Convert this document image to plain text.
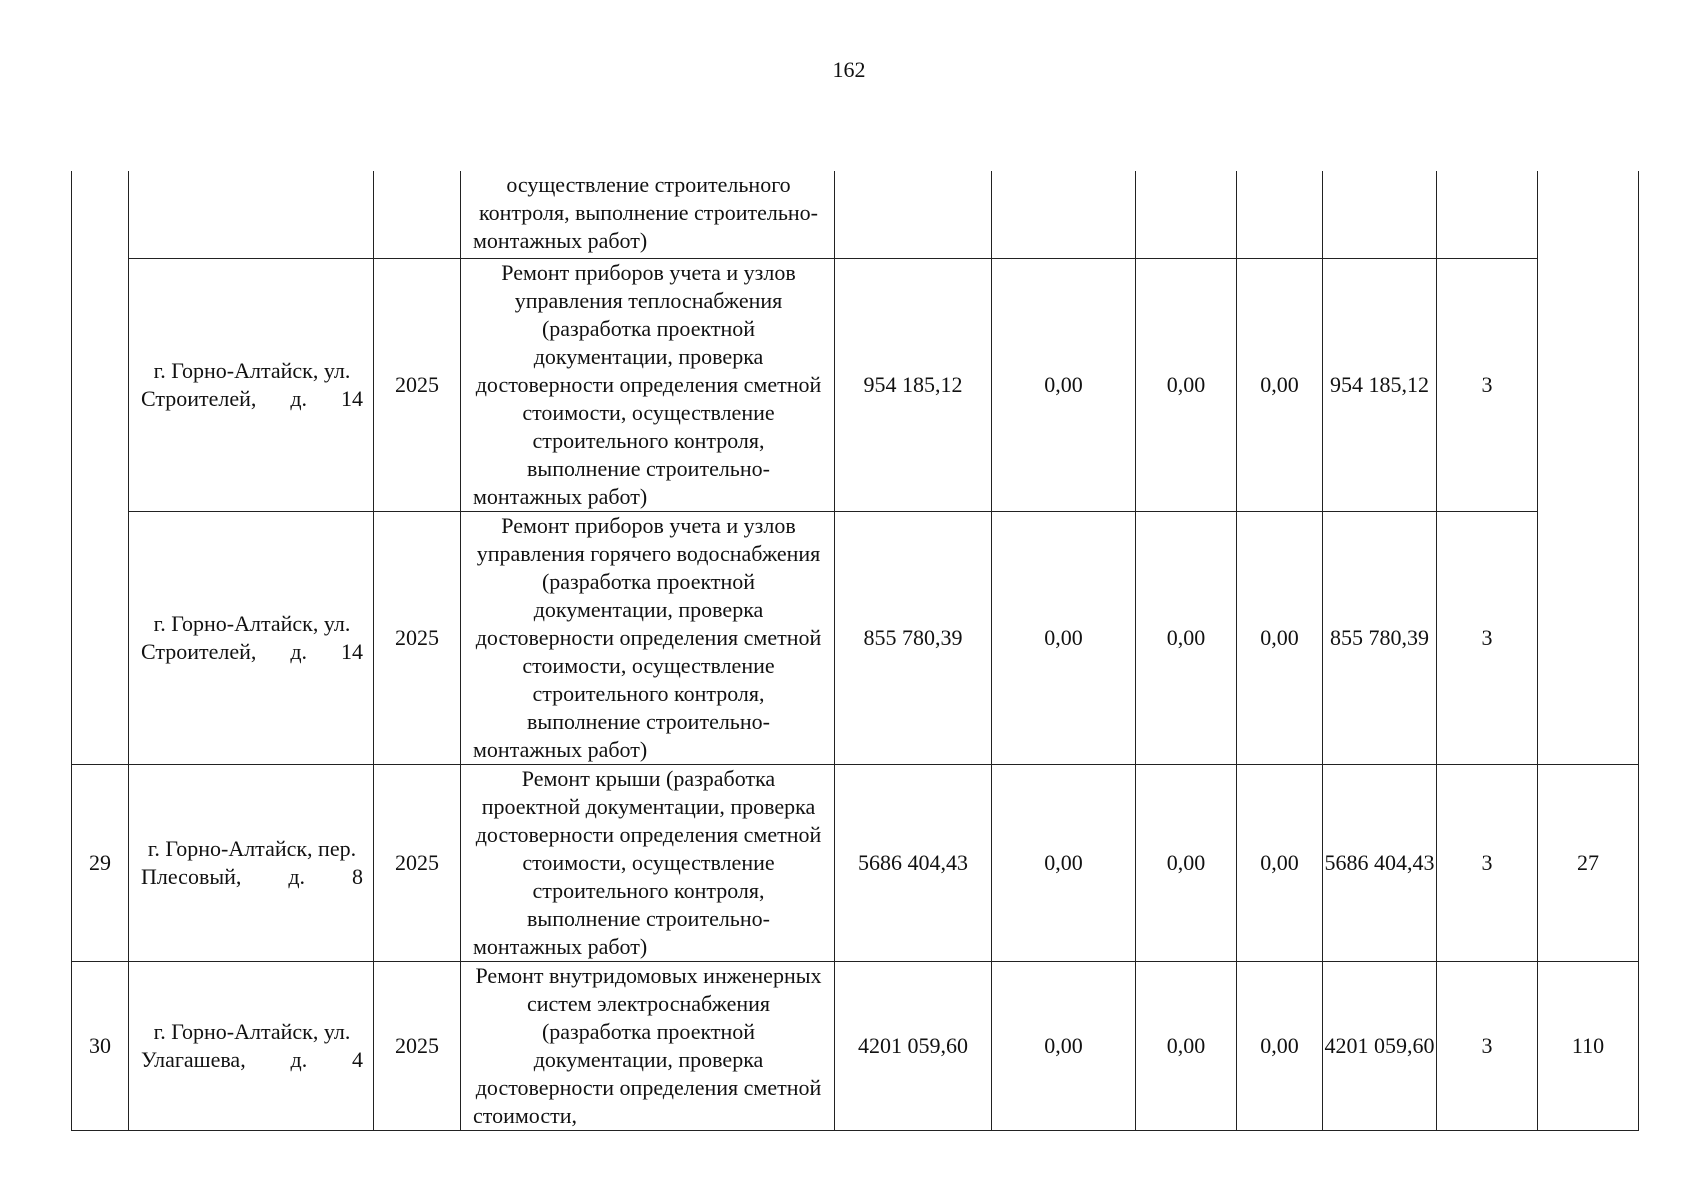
162

			осуществление строительного контроля, выполнение строительно-монтажных работ)							

	г. Горно-Алтайск, ул. Строителей, д. 14	2025	Ремонт приборов учета и узлов управления теплоснабжения (разработка проектной документации, проверка достоверности определения сметной стоимости, осуществление строительного контроля, выполнение строительно-монтажных работ)	954 185,12	0,00	0,00	0,00	954 185,12	3	
	г. Горно-Алтайск, ул. Строителей, д. 14	2025	Ремонт приборов учета и узлов управления горячего водоснабжения (разработка проектной документации, проверка достоверности определения сметной стоимости, осуществление строительного контроля, выполнение строительно-монтажных работ)	855 780,39	0,00	0,00	0,00	855 780,39	3	
29	г. Горно-Алтайск, пер. Плесовый, д. 8	2025	Ремонт крыши (разработка проектной документации, проверка достоверности определения сметной стоимости, осуществление строительного контроля, выполнение строительно-монтажных работ)	5686 404,43	0,00	0,00	0,00	5686 404,43	3	27
30	г. Горно-Алтайск, ул. Улагашева, д. 4	2025	Ремонт внутридомовых инженерных систем электроснабжения (разработка проектной документации, проверка достоверности определения сметной стоимости,	4201 059,60	0,00	0,00	0,00	4201 059,60	3	110
